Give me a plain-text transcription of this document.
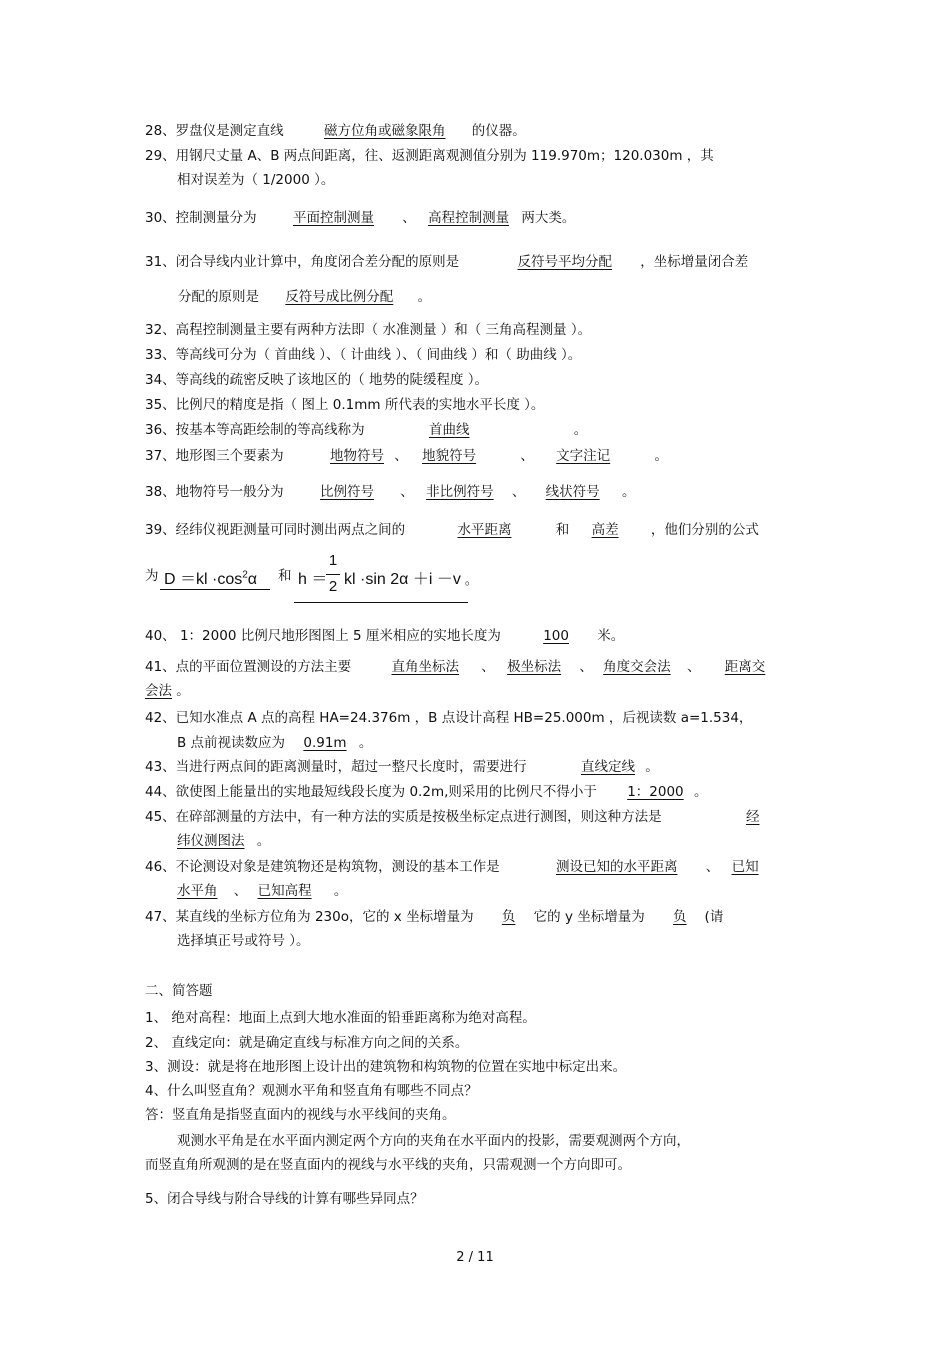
28、罗盘仪是测定直线	磁方位角或磁象限角 的仪器。
29、用钢尺丈量 A、B 两点间距离，往、返测距离观测值分别为 119.970m；120.030m ，其
相对误差为（ 1/2000 ）。
30、控制测量分为	平面控制测量 、 高程控制测量 两大类。
31、闭合导线内业计算中，角度闭合差分配的原则是	反符号平均分配 ，坐标增量闭合差
分配的原则是 反符号成比例分配 。
32、高程控制测量主要有两种方法即（ 水准测量 ）和（ 三角高程测量 ）。
33、等高线可分为（ 首曲线 ）、（ 计曲线 ）、（ 间曲线 ）和（ 助曲线 ）。
34、等高线的疏密反映了该地区的（ 地势的陡缓程度 ）。
35、比例尺的精度是指（ 图上 0.1mm 所代表的实地水平长度 ）。
36、按基本等高距绘制的等高线称为	首曲线	。
37、地形图三个要素为	地物符号 、 地貌符号	、 文字注记	。
38、地物符号一般分为	比例符号 、 非比例符号 、 线状符号 。
39、经纬仪视距测量可同时测出两点之间的	水平距离	和 高差 ，他们分别的公式
为 $D =kl \cdot\cos^2\alpha$ 和 h ＝
1
2 kl ·sin 2α ＋i －v 。
40、 1：2000 比例尺地形图图上 5 厘米相应的实地长度为	100 米。
41、点的平面位置测设的方法主要	直角坐标法 、 极坐标法 、 角度交会法 、 距离交
会法 。
42、已知水准点 A 点的高程 HA=24.376m ，B 点设计高程 HB=25.000m ，后视读数 a=1.534，
B 点前视读数应为 0.91m 。
43、当进行两点间的距离测量时，超过一整尺长度时，需要进行	直线定线 。
44、欲使图上能量出的实地最短线段长度为 0.2m,则采用的比例尺不得小于 1：2000 。
45、在碎部测量的方法中，有一种方法的实质是按极坐标定点进行测图，则这种方法是	经
纬仪测图法 。
46、不论测设对象是建筑物还是构筑物，测设的基本工作是	测设已知的水平距离 、 已知
水平角 、 已知高程 。
47、某直线的坐标方位角为 230o，它的 x 坐标增量为 负 它的 y 坐标增量为 负 (请
选择填正号或符号 ）。
二、简答题
1、 绝对高程：地面上点到大地水准面的铅垂距离称为绝对高程。
2、 直线定向：就是确定直线与标准方向之间的关系。
3、测设：就是将在地形图上设计出的建筑物和构筑物的位置在实地中标定出来。
4、什么叫竖直角？观测水平角和竖直角有哪些不同点？
答：竖直角是指竖直面内的视线与水平线间的夹角。
观测水平角是在水平面内测定两个方向的夹角在水平面内的投影，需要观测两个方向，
而竖直角所观测的是在竖直面内的视线与水平线的夹角，只需观测一个方向即可。
5、闭合导线与附合导线的计算有哪些异同点？
2 / 11
